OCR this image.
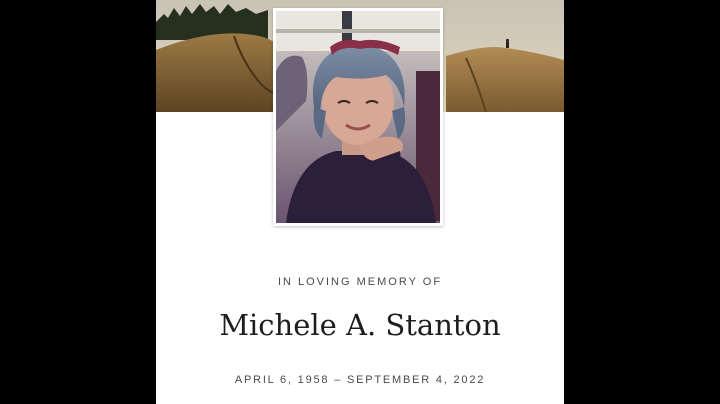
IN LOVING MEMORY OF
Michele A. Stanton
APRIL 6, 1958 – SEPTEMBER 4, 2022
